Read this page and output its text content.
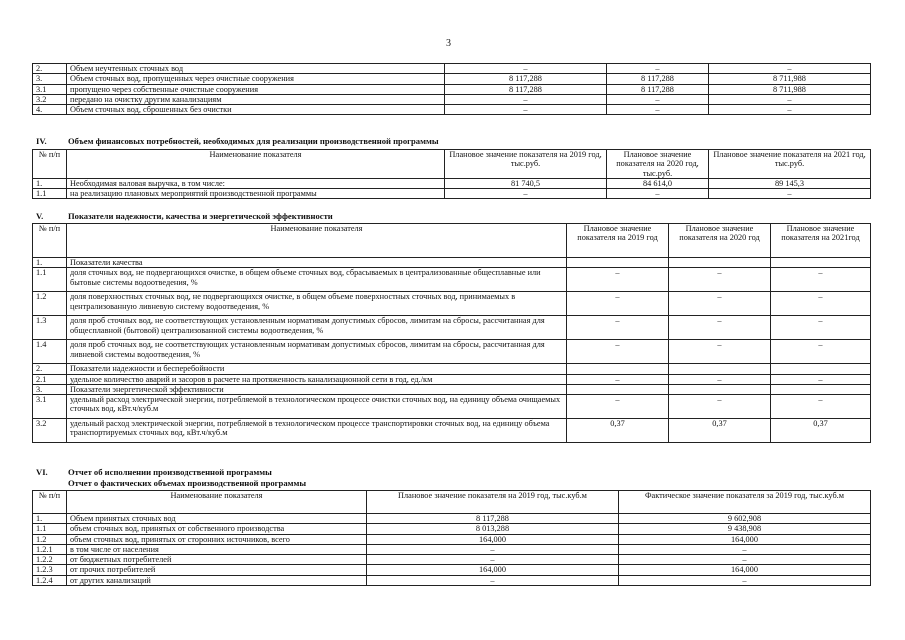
3
2.	Объем неучтенных сточных вод	–	–	–
3.	Объем сточных вод, пропущенных через очистные сооружения	8 117,288	8 117,288	8 711,988
3.1	пропущено через собственные очистные сооружения	8 117,288	8 117,288	8 711,988
3.2	передано на очистку другим канализациям	–	–	–
4.	Объем сточных вод, сброшенных без очистки	–	–	–
IV. Объем финансовых потребностей, необходимых для реализации производственной программы
№ п/п	Наименование показателя	Плановое значение показателя на 2019 год, тыс.руб.	Плановое значение показателя на 2020 год, тыс.руб.	Плановое значение показателя на 2021 год, тыс.руб.
1.	Необходимая валовая выручка, в том числе:	81 740,5	84 614,0	89 145,3
1.1	на реализацию плановых мероприятий производственной программы	–	–	–
V.	Показатели надежности, качества и энергетической эффективности
№ п/п	Наименование показателя	Плановое значение показателя на 2019 год	Плановое значение показателя на 2020 год	Плановое значение показателя на 2021год
1.	Показатели качества			
1.1	доля сточных вод, не подвергающихся очистке, в общем объеме сточных вод, сбрасываемых в централизованные общесплавные или бытовые системы водоотведения, %	–	–	–
1.2	доля поверхностных сточных вод, не подвергающихся очистке, в общем объеме поверхностных сточных вод, принимаемых в централизованную ливневую систему водоотведения, %	–	–	–
1.3	доля проб сточных вод, не соответствующих установленным нормативам допустимых сбросов, лимитам на сбросы, рассчитанная для общесплавной (бытовой) централизованной системы водоотведения, %	–	–	–
1.4	доля проб сточных вод, не соответствующих установленным нормативам допустимых сбросов, лимитам на сбросы, рассчитанная для ливневой системы водоотведения, %	–	–	–
2.	Показатели надежности и бесперебойности			
2.1	удельное количество аварий и засоров в расчете на протяженность канализационной сети в год, ед./км	–	–	–
3.	Показатели энергетической эффективности			
3.1	удельный расход электрической энергии, потребляемой в технологическом процессе очистки сточных вод, на единицу объема очищаемых сточных вод, кВт.ч/куб.м	–	–	–
3.2	удельный расход электрической энергии, потребляемой в технологическом процессе транспортировки сточных вод, на единицу объема транспортируемых сточных вод, кВт.ч/куб.м	0,37	0,37	0,37
VI. Отчет об исполнении производственной программы
Отчет о фактических объемах производственной программы
№ п/п	Наименование показателя	Плановое значение показателя на 2019 год, тыс.куб.м	Фактическое значение показателя за 2019 год, тыс.куб.м
1.	Объем принятых сточных вод	8 117,288	9 602,908
1.1	объем сточных вод, принятых от собственного производства	8 013,288	9 438,908
1.2	объем сточных вод, принятых от сторонних источников, всего	164,000	164,000
1.2.1	в том числе от населения	–	–
1.2.2	от бюджетных потребителей	–	–
1.2.3	от прочих потребителей	164,000	164,000
1.2.4	от других канализаций	–	–
